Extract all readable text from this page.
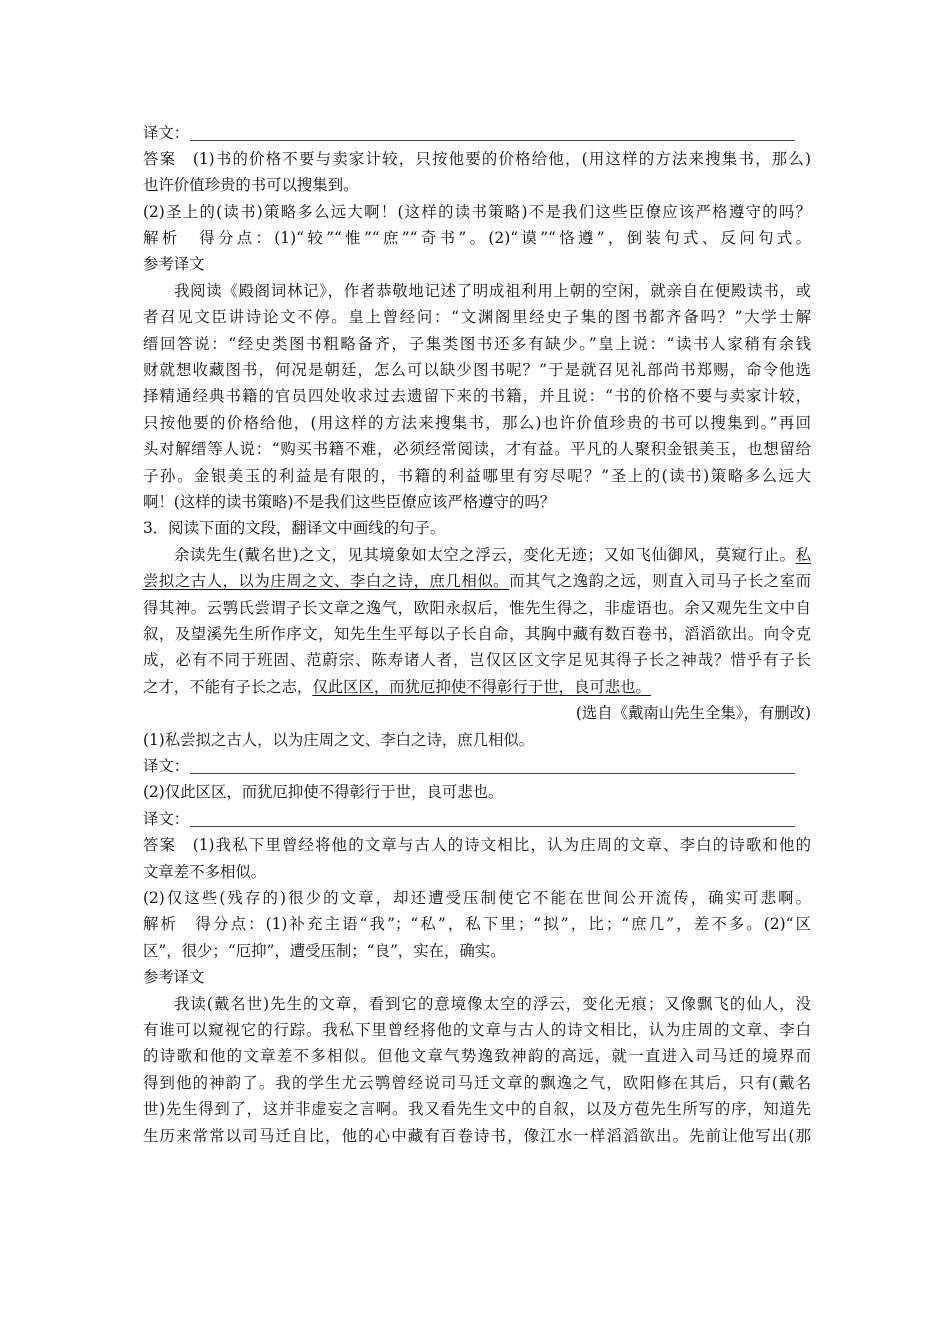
译文：
答案　(1)书的价格不要与卖家计较，只按他要的价格给他，(用这样的方法来搜集书，那么)
也许价值珍贵的书可以搜集到。
(2)圣上的(读书)策略多么远大啊！(这样的读书策略)不是我们这些臣僚应该严格遵守的吗？
解析　得分点：(1)“较”“惟”“庶”“奇书”。(2)“谟”“恪遵”，倒装句式、反问句式。
参考译文
我阅读《殿阁词林记》，作者恭敬地记述了明成祖利用上朝的空闲，就亲自在便殿读书，或
者召见文臣讲诗论文不停。皇上曾经问：“文渊阁里经史子集的图书都齐备吗？”大学士解
缙回答说：“经史类图书粗略备齐，子集类图书还多有缺少。”皇上说：“读书人家稍有余钱
财就想收藏图书，何况是朝廷，怎么可以缺少图书呢？”于是就召见礼部尚书郑赐，命令他选
择精通经典书籍的官员四处收求过去遗留下来的书籍，并且说：“书的价格不要与卖家计较，
只按他要的价格给他，(用这样的方法来搜集书，那么)也许价值珍贵的书可以搜集到。”再回
头对解缙等人说：“购买书籍不难，必须经常阅读，才有益。平凡的人聚积金银美玉，也想留给
子孙。金银美玉的利益是有限的，书籍的利益哪里有穷尽呢？”圣上的(读书)策略多么远大
啊！(这样的读书策略)不是我们这些臣僚应该严格遵守的吗？
3．阅读下面的文段，翻译文中画线的句子。
余读先生(戴名世)之文，见其境象如太空之浮云，变化无迹；又如飞仙御风，莫窥行止。私
尝拟之古人，以为庄周之文、李白之诗，庶几相似。而其气之逸韵之远，则直入司马子长之室而
得其神。云鹗氏尝谓子长文章之逸气，欧阳永叔后，惟先生得之，非虚语也。余又观先生文中自
叙，及望溪先生所作序文，知先生生平每以子长自命，其胸中藏有数百卷书，滔滔欲出。向令克
成，必有不同于班固、范蔚宗、陈寿诸人者，岂仅区区文字足见其得子长之神哉？惜乎有子长
之才，不能有子长之志，仅此区区，而犹厄抑使不得彰行于世，良可悲也。
(选自《戴南山先生全集》，有删改)
(1)私尝拟之古人，以为庄周之文、李白之诗，庶几相似。
译文：
(2)仅此区区，而犹厄抑使不得彰行于世，良可悲也。
译文：
答案　(1)我私下里曾经将他的文章与古人的诗文相比，认为庄周的文章、李白的诗歌和他的
文章差不多相似。
(2)仅这些(残存的)很少的文章，却还遭受压制使它不能在世间公开流传，确实可悲啊。
解析　得分点：(1)补充主语“我”；“私”，私下里；“拟”，比；“庶几”，差不多。(2)“区
区”，很少；“厄抑”，遭受压制；“良”，实在，确实。
参考译文
我读(戴名世)先生的文章，看到它的意境像太空的浮云，变化无痕；又像飘飞的仙人，没
有谁可以窥视它的行踪。我私下里曾经将他的文章与古人的诗文相比，认为庄周的文章、李白
的诗歌和他的文章差不多相似。但他文章气势逸致神韵的高远，就一直进入司马迁的境界而
得到他的神韵了。我的学生尤云鹗曾经说司马迁文章的飘逸之气，欧阳修在其后，只有(戴名
世)先生得到了，这并非虚妄之言啊。我又看先生文中的自叙，以及方苞先生所写的序，知道先
生历来常常以司马迁自比，他的心中藏有百卷诗书，像江水一样滔滔欲出。先前让他写出(那
